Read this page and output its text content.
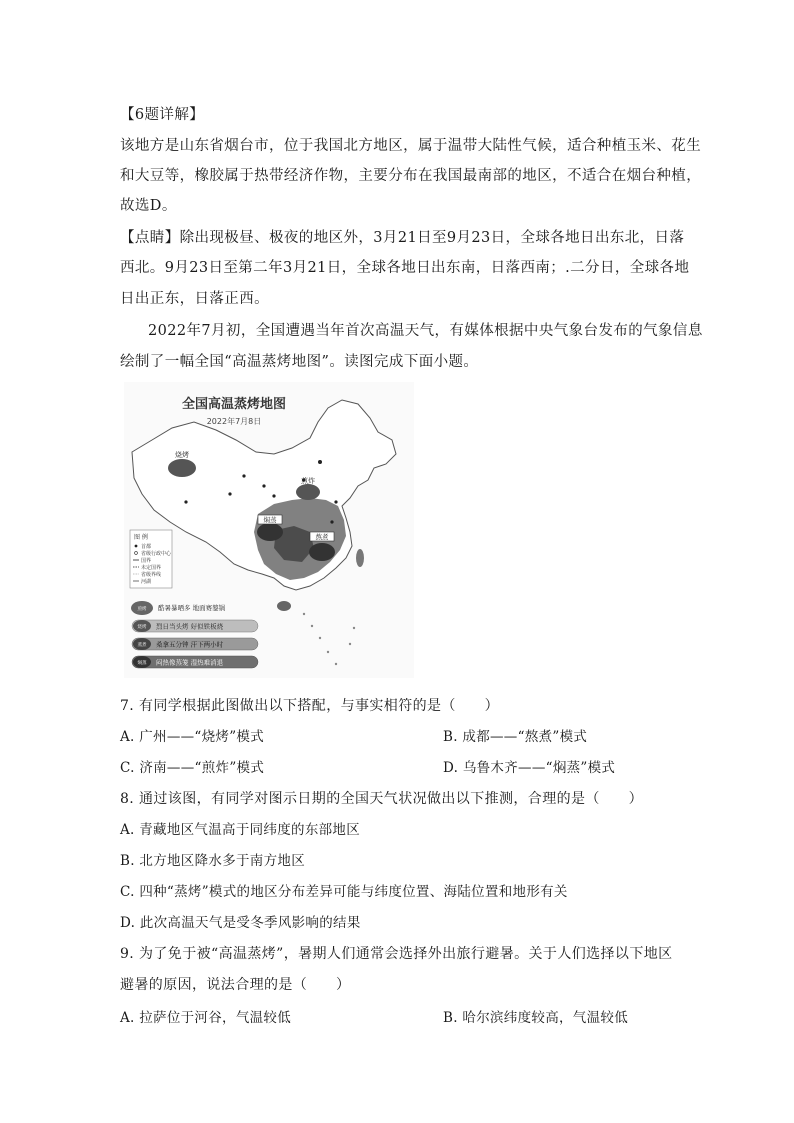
【6题详解】
该地方是山东省烟台市，位于我国北方地区，属于温带大陆性气候，适合种植玉米、花生
和大豆等，橡胶属于热带经济作物，主要分布在我国最南部的地区，不适合在烟台种植，
故选D。
【点睛】除出现极昼、极夜的地区外，3月21日至9月23日，全球各地日出东北，日落
西北。9月23日至第二年3月21日，全球各地日出东南，日落西南；.二分日，全球各地
日出正东，日落正西。
2022年7月初，全国遭遇当年首次高温天气，有媒体根据中央气象台发布的气象信息
绘制了一幅全国“高温蒸烤地图”。读图完成下面小题。
全国高温蒸烤地图
2022年7月8日
烧烤
煎炸
焖蒸
熬煮
图 例
首都
省级行政中心
国界
未定国界
省级界线
河湖
煎烤 酷暑暴晒多 地面赛鏊锅
烧烤 烈日当头烤 好似铁板烧
蒸煮 桑拿五分钟 汗下两小时
焖蒸 闷热像蒸笼 湿热难消退
7. 有同学根据此图做出以下搭配，与事实相符的是（　　）
A. 广州——“烧烤”模式	B. 成都——“熬煮”模式
C. 济南——“煎炸”模式	D. 乌鲁木齐——“焖蒸”模式
8. 通过该图，有同学对图示日期的全国天气状况做出以下推测，合理的是（　　）
A. 青藏地区气温高于同纬度的东部地区
B. 北方地区降水多于南方地区
C. 四种“蒸烤”模式的地区分布差异可能与纬度位置、海陆位置和地形有关
D. 此次高温天气是受冬季风影响的结果
9. 为了免于被“高温蒸烤”，暑期人们通常会选择外出旅行避暑。关于人们选择以下地区
避暑的原因，说法合理的是（　　）
A. 拉萨位于河谷，气温较低	B. 哈尔滨纬度较高，气温较低
